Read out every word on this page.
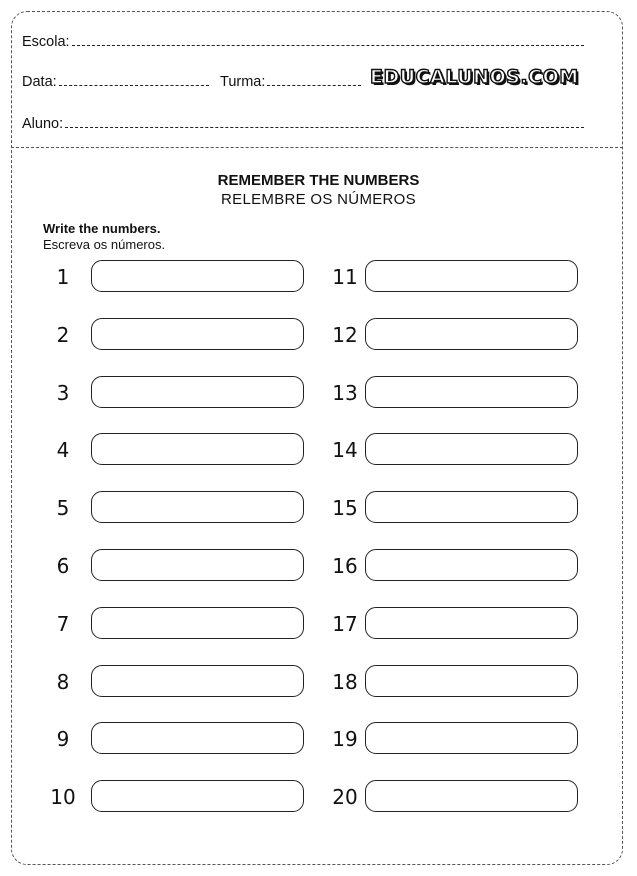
Escola:
Data:	Turma:	EDUCALUNOS.COM
Aluno:
REMEMBER THE NUMBERS
RELEMBRE OS NÚMEROS
Write the numbers.
Escreva os números.
1
2
3
4
5
6
7
8
9
10
11
12
13
14
15
16
17
18
19
20
